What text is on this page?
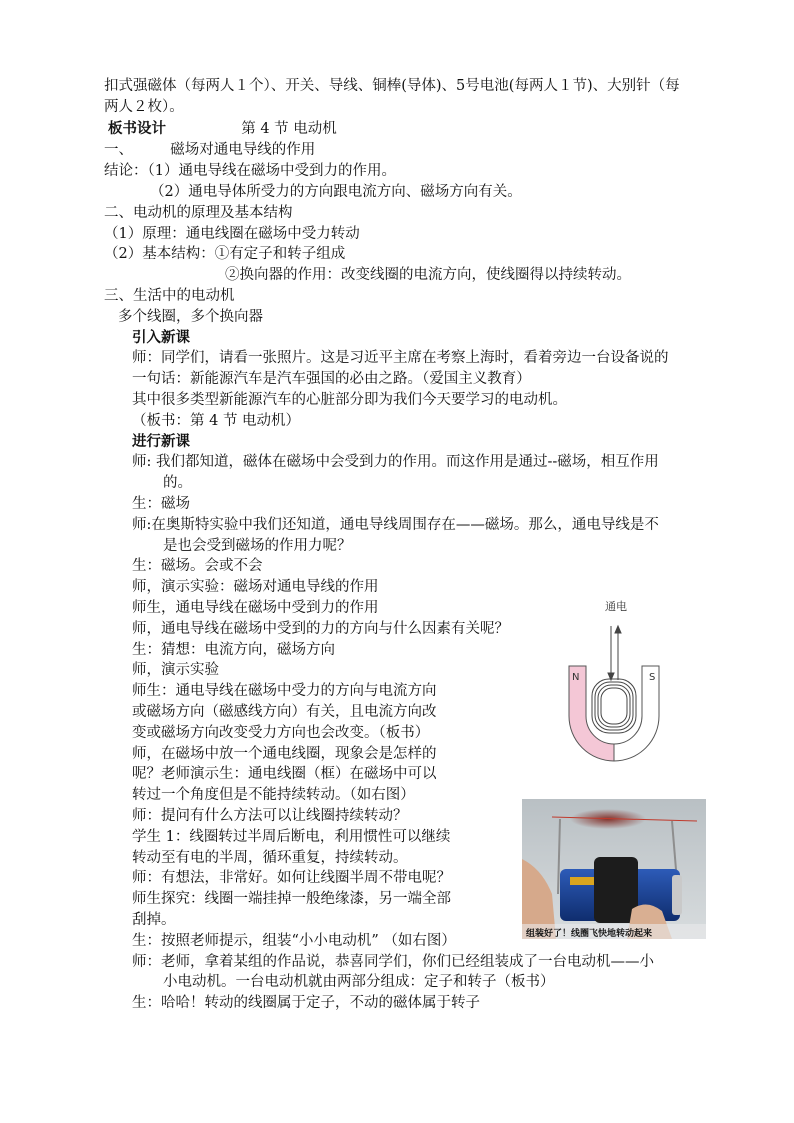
扣式强磁体（每两人１个）、开关、导线、铜棒(导体)、5号电池(每两人１节)、大别针（每
两人２枚）。
板书设计	第 4 节 电动机
一、	磁场对通电导线的作用
结论：（1）通电导线在磁场中受到力的作用。
（2）通电导体所受力的方向跟电流方向、磁场方向有关。
二、电动机的原理及基本结构
（1）原理：通电线圈在磁场中受力转动
（2）基本结构：①有定子和转子组成
②换向器的作用：改变线圈的电流方向，使线圈得以持续转动。
三、生活中的电动机
多个线圈，多个换向器
引入新课
师：同学们，请看一张照片。这是习近平主席在考察上海时，看着旁边一台设备说的
一句话：新能源汽车是汽车强国的必由之路。（爱国主义教育）
其中很多类型新能源汽车的心脏部分即为我们今天要学习的电动机。
（板书：第 4 节 电动机）
进行新课
师: 我们都知道，磁体在磁场中会受到力的作用。而这作用是通过--磁场，相互作用
的。
生：磁场
师:在奥斯特实验中我们还知道，通电导线周围存在——磁场。那么，通电导线是不
是也会受到磁场的作用力呢？
生：磁场。会或不会
师，演示实验：磁场对通电导线的作用
师生，通电导线在磁场中受到力的作用
师，通电导线在磁场中受到的力的方向与什么因素有关呢？
生：猜想：电流方向，磁场方向
师，演示实验
师生：通电导线在磁场中受力的方向与电流方向
或磁场方向（磁感线方向）有关，且电流方向改
变或磁场方向改变受力方向也会改变。（板书）
师，在磁场中放一个通电线圈，现象会是怎样的
呢？老师演示生：通电线圈（框）在磁场中可以
转过一个角度但是不能持续转动。（如右图）
师：提问有什么方法可以让线圈持续转动？
学生 1：线圈转过半周后断电，利用惯性可以继续
转动至有电的半周，循环重复，持续转动。
师：有想法，非常好。如何让线圈半周不带电呢？
师生探究：线圈一端挂掉一般绝缘漆，另一端全部
刮掉。
生：按照老师提示，组装“小小电动机” （如右图）
师：老师，拿着某组的作品说，恭喜同学们，你们已经组装成了一台电动机——小
小电动机。一台电动机就由两部分组成：定子和转子（板书）
生：哈哈！转动的线圈属于定子，不动的磁体属于转子
通电
N	S
组装好了！线圈飞快地转动起来
